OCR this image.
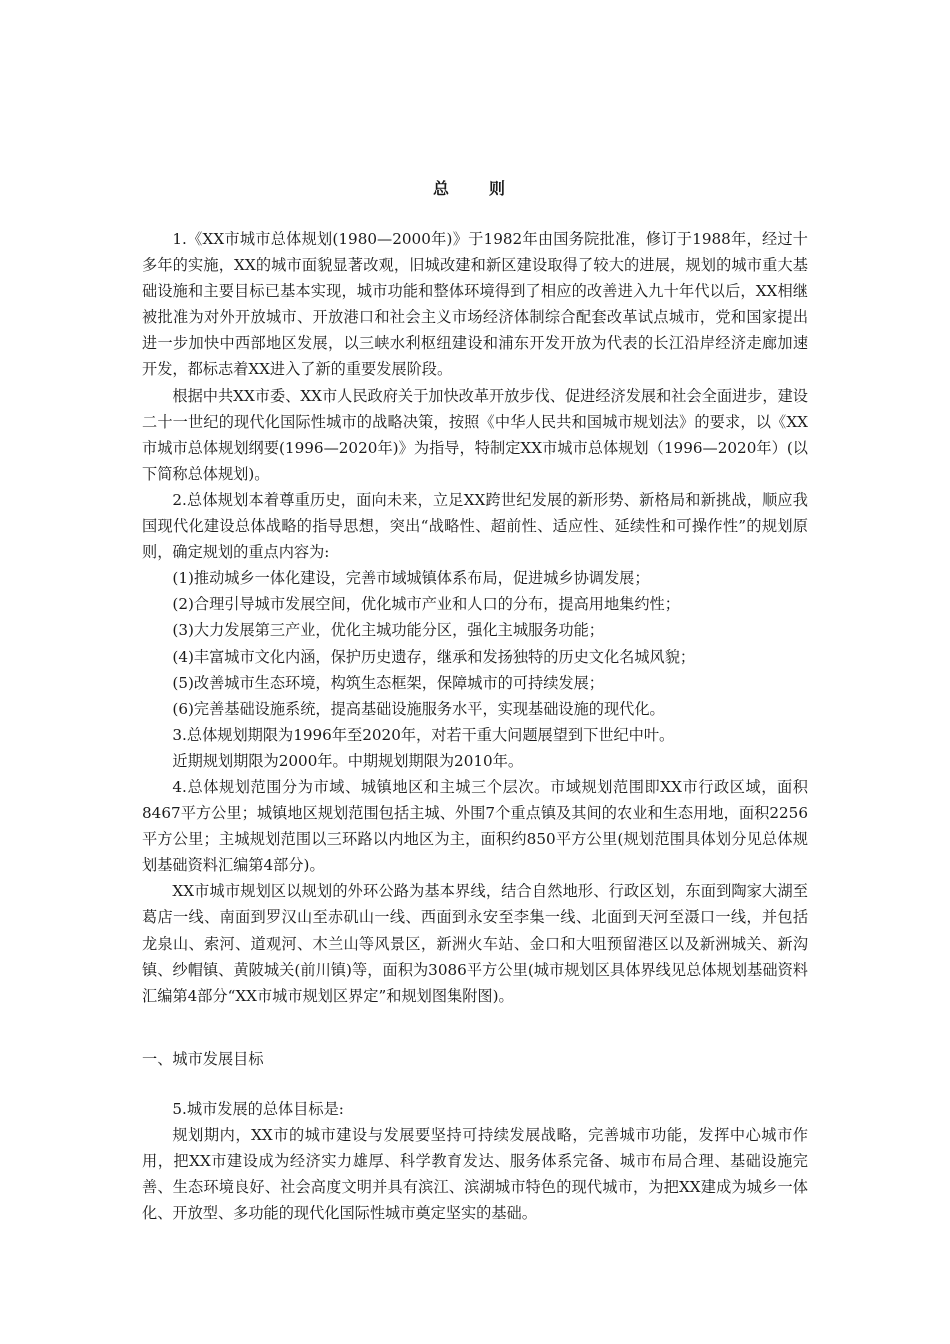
总　则

1.《XX市城市总体规划(1980—2000年)》于1982年由国务院批准，修订于1988年，经过十多年的实施，XX的城市面貌显著改观，旧城改建和新区建设取得了较大的进展，规划的城市重大基础设施和主要目标已基本实现，城市功能和整体环境得到了相应的改善进入九十年代以后，XX相继被批准为对外开放城市、开放港口和社会主义市场经济体制综合配套改革试点城市，党和国家提出进一步加快中西部地区发展，以三峡水利枢纽建设和浦东开发开放为代表的长江沿岸经济走廊加速开发，都标志着XX进入了新的重要发展阶段。

根据中共XX市委、XX市人民政府关于加快改革开放步伐、促进经济发展和社会全面进步，建设二十一世纪的现代化国际性城市的战略决策，按照《中华人民共和国城市规划法》的要求，以《XX市城市总体规划纲要(1996—2020年)》为指导，特制定XX市城市总体规划（1996—2020年）(以下简称总体规划)。

2.总体规划本着尊重历史，面向未来，立足XX跨世纪发展的新形势、新格局和新挑战，顺应我国现代化建设总体战略的指导思想，突出“战略性、超前性、适应性、延续性和可操作性”的规划原则，确定规划的重点内容为:

(1)推动城乡一体化建设，完善市域城镇体系布局，促进城乡协调发展；

(2)合理引导城市发展空间，优化城市产业和人口的分布，提高用地集约性；

(3)大力发展第三产业，优化主城功能分区，强化主城服务功能；

(4)丰富城市文化内涵，保护历史遗存，继承和发扬独特的历史文化名城风貌；

(5)改善城市生态环境，构筑生态框架，保障城市的可持续发展；

(6)完善基础设施系统，提高基础设施服务水平，实现基础设施的现代化。

3.总体规划期限为1996年至2020年，对若干重大问题展望到下世纪中叶。

近期规划期限为2000年。中期规划期限为2010年。

4.总体规划范围分为市域、城镇地区和主城三个层次。市域规划范围即XX市行政区域，面积8467平方公里；城镇地区规划范围包括主城、外围7个重点镇及其间的农业和生态用地，面积2256平方公里；主城规划范围以三环路以内地区为主，面积约850平方公里(规划范围具体划分见总体规划基础资料汇编第4部分)。

XX市城市规划区以规划的外环公路为基本界线，结合自然地形、行政区划，东面到陶家大湖至葛店一线、南面到罗汉山至赤矶山一线、西面到永安至李集一线、北面到天河至滠口一线，并包括龙泉山、索河、道观河、木兰山等风景区，新洲火车站、金口和大咀预留港区以及新洲城关、新沟镇、纱帽镇、黄陂城关(前川镇)等，面积为3086平方公里(城市规划区具体界线见总体规划基础资料汇编第4部分“XX市城市规划区界定”和规划图集附图)。

一、城市发展目标

5.城市发展的总体目标是:

规划期内，XX市的城市建设与发展要坚持可持续发展战略，完善城市功能，发挥中心城市作用，把XX市建设成为经济实力雄厚、科学教育发达、服务体系完备、城市布局合理、基础设施完善、生态环境良好、社会高度文明并具有滨江、滨湖城市特色的现代城市，为把XX建成为城乡一体化、开放型、多功能的现代化国际性城市奠定坚实的基础。
